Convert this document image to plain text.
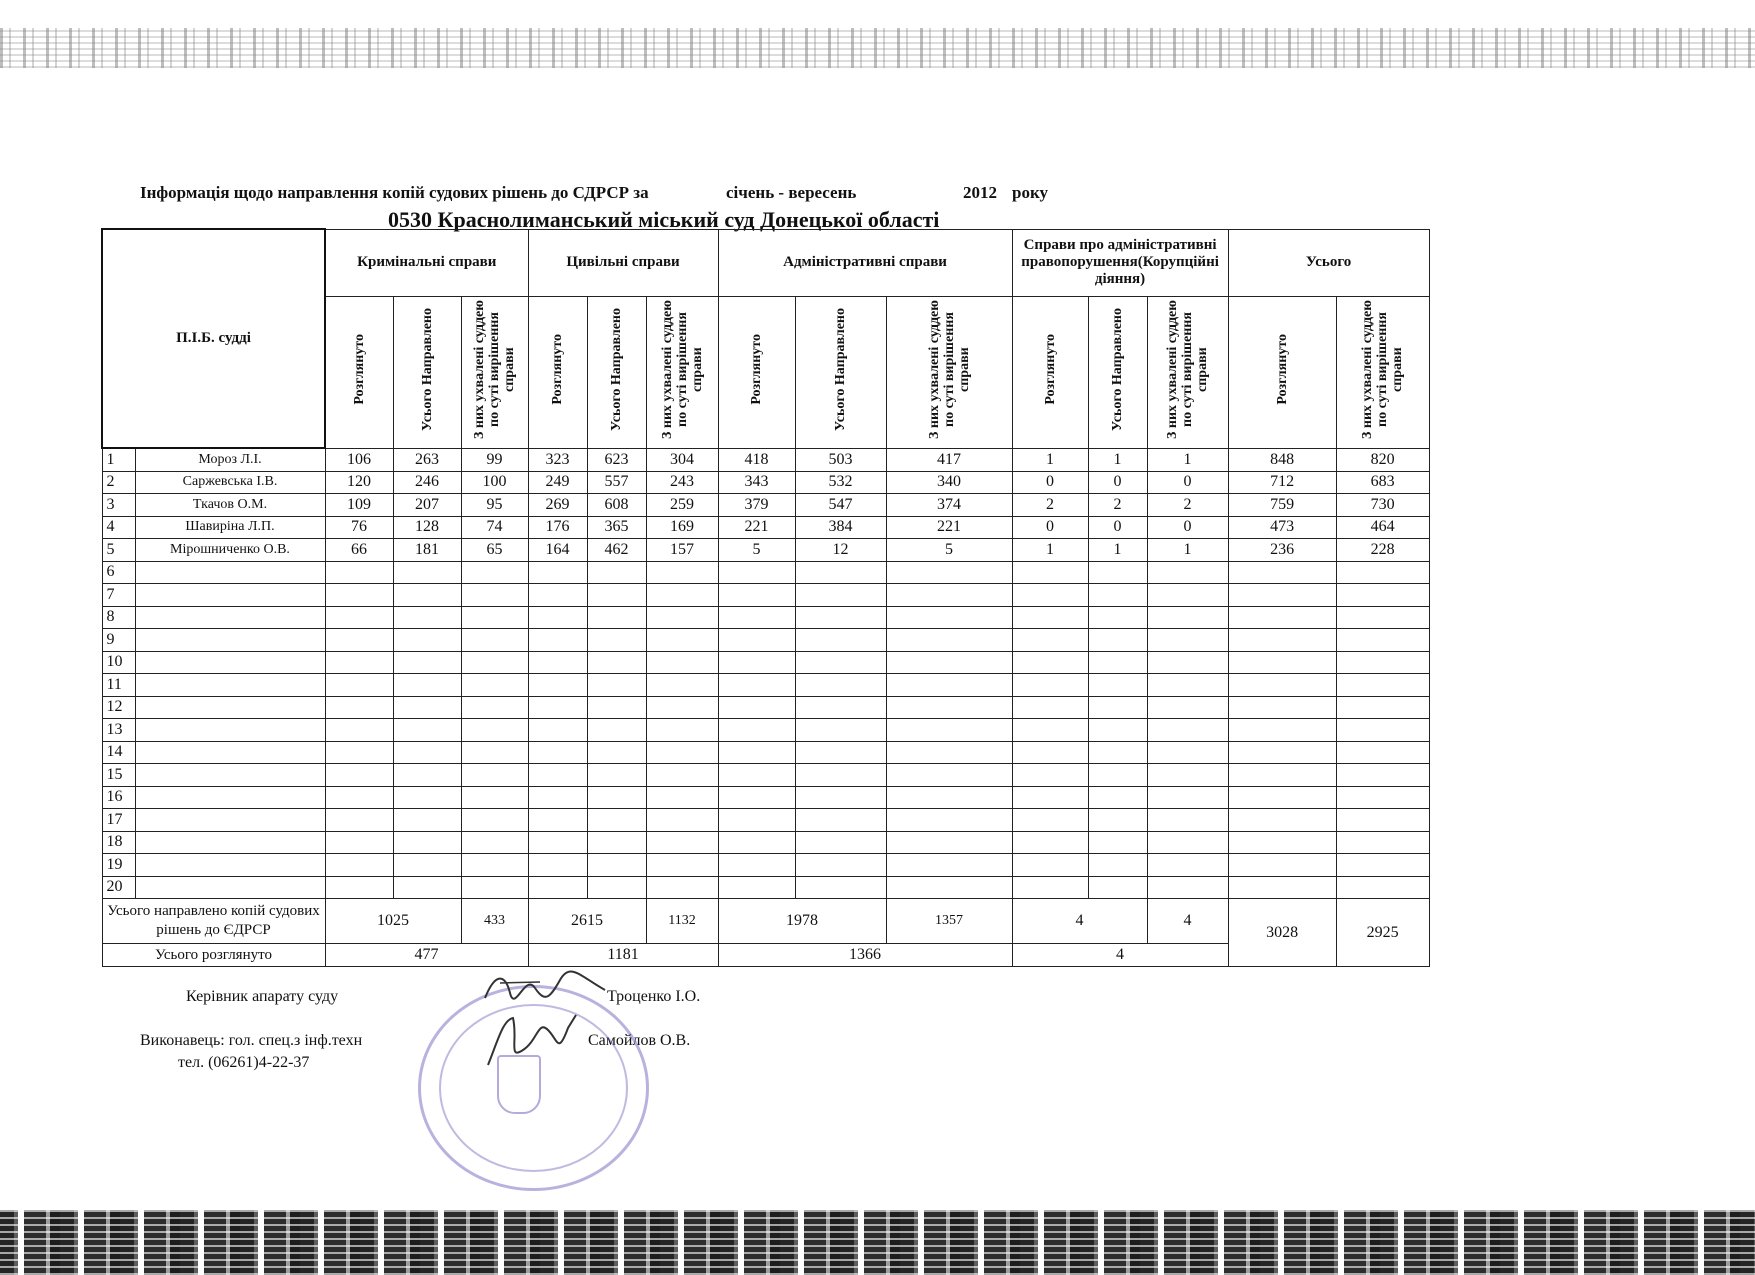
Інформація щодо направлення копій судових рішень до СДРСР за	січень - вересень	2012 року
0530 Краснолиманський міський суд Донецької області
П.І.Б. судді		Кримінальні справи			Цивільні справи			Адміністративні справи			Справи про адміністративні правопорушення(Корупційні діяння)			Усього	
		Розглянуто	Усього Направлено	З них ухвалені суддею по суті вирішення справи	Розглянуто	Усього Направлено	З них ухвалені суддею по суті вирішення справи	Розглянуто	Усього Направлено	З них ухвалені суддею по суті вирішення справи	Розглянуто	Усього Направлено	З них ухвалені суддею по суті вирішення справи	Розглянуто	З них ухвалені суддею по суті вирішення справи
1	Мороз Л.І.	106	263	99	323	623	304	418	503	417	1	1	1	848	820
2	Саржевська І.В.	120	246	100	249	557	243	343	532	340	0	0	0	712	683
3	Ткачов О.М.	109	207	95	269	608	259	379	547	374	2	2	2	759	730
4	Шавиріна Л.П.	76	128	74	176	365	169	221	384	221	0	0	0	473	464
5	Мірошниченко О.В.	66	181	65	164	462	157	5	12	5	1	1	1	236	228
6															
7															
8															
9															
10															
11															
12															
13															
14															
15															
16															
17															
18															
19															
20															
Усього направлено копій судових рішень до ЄДРСР		1025		433	2615		1132	1978		1357	4		4	3028	2925
Усього розглянуто		477			1181			1366			4				
Керівник апарату суду	Троценко І.О.
Виконавець: гол. спец.з інф.техн	Самойлов О.В.
тел. (06261)4-22-37
